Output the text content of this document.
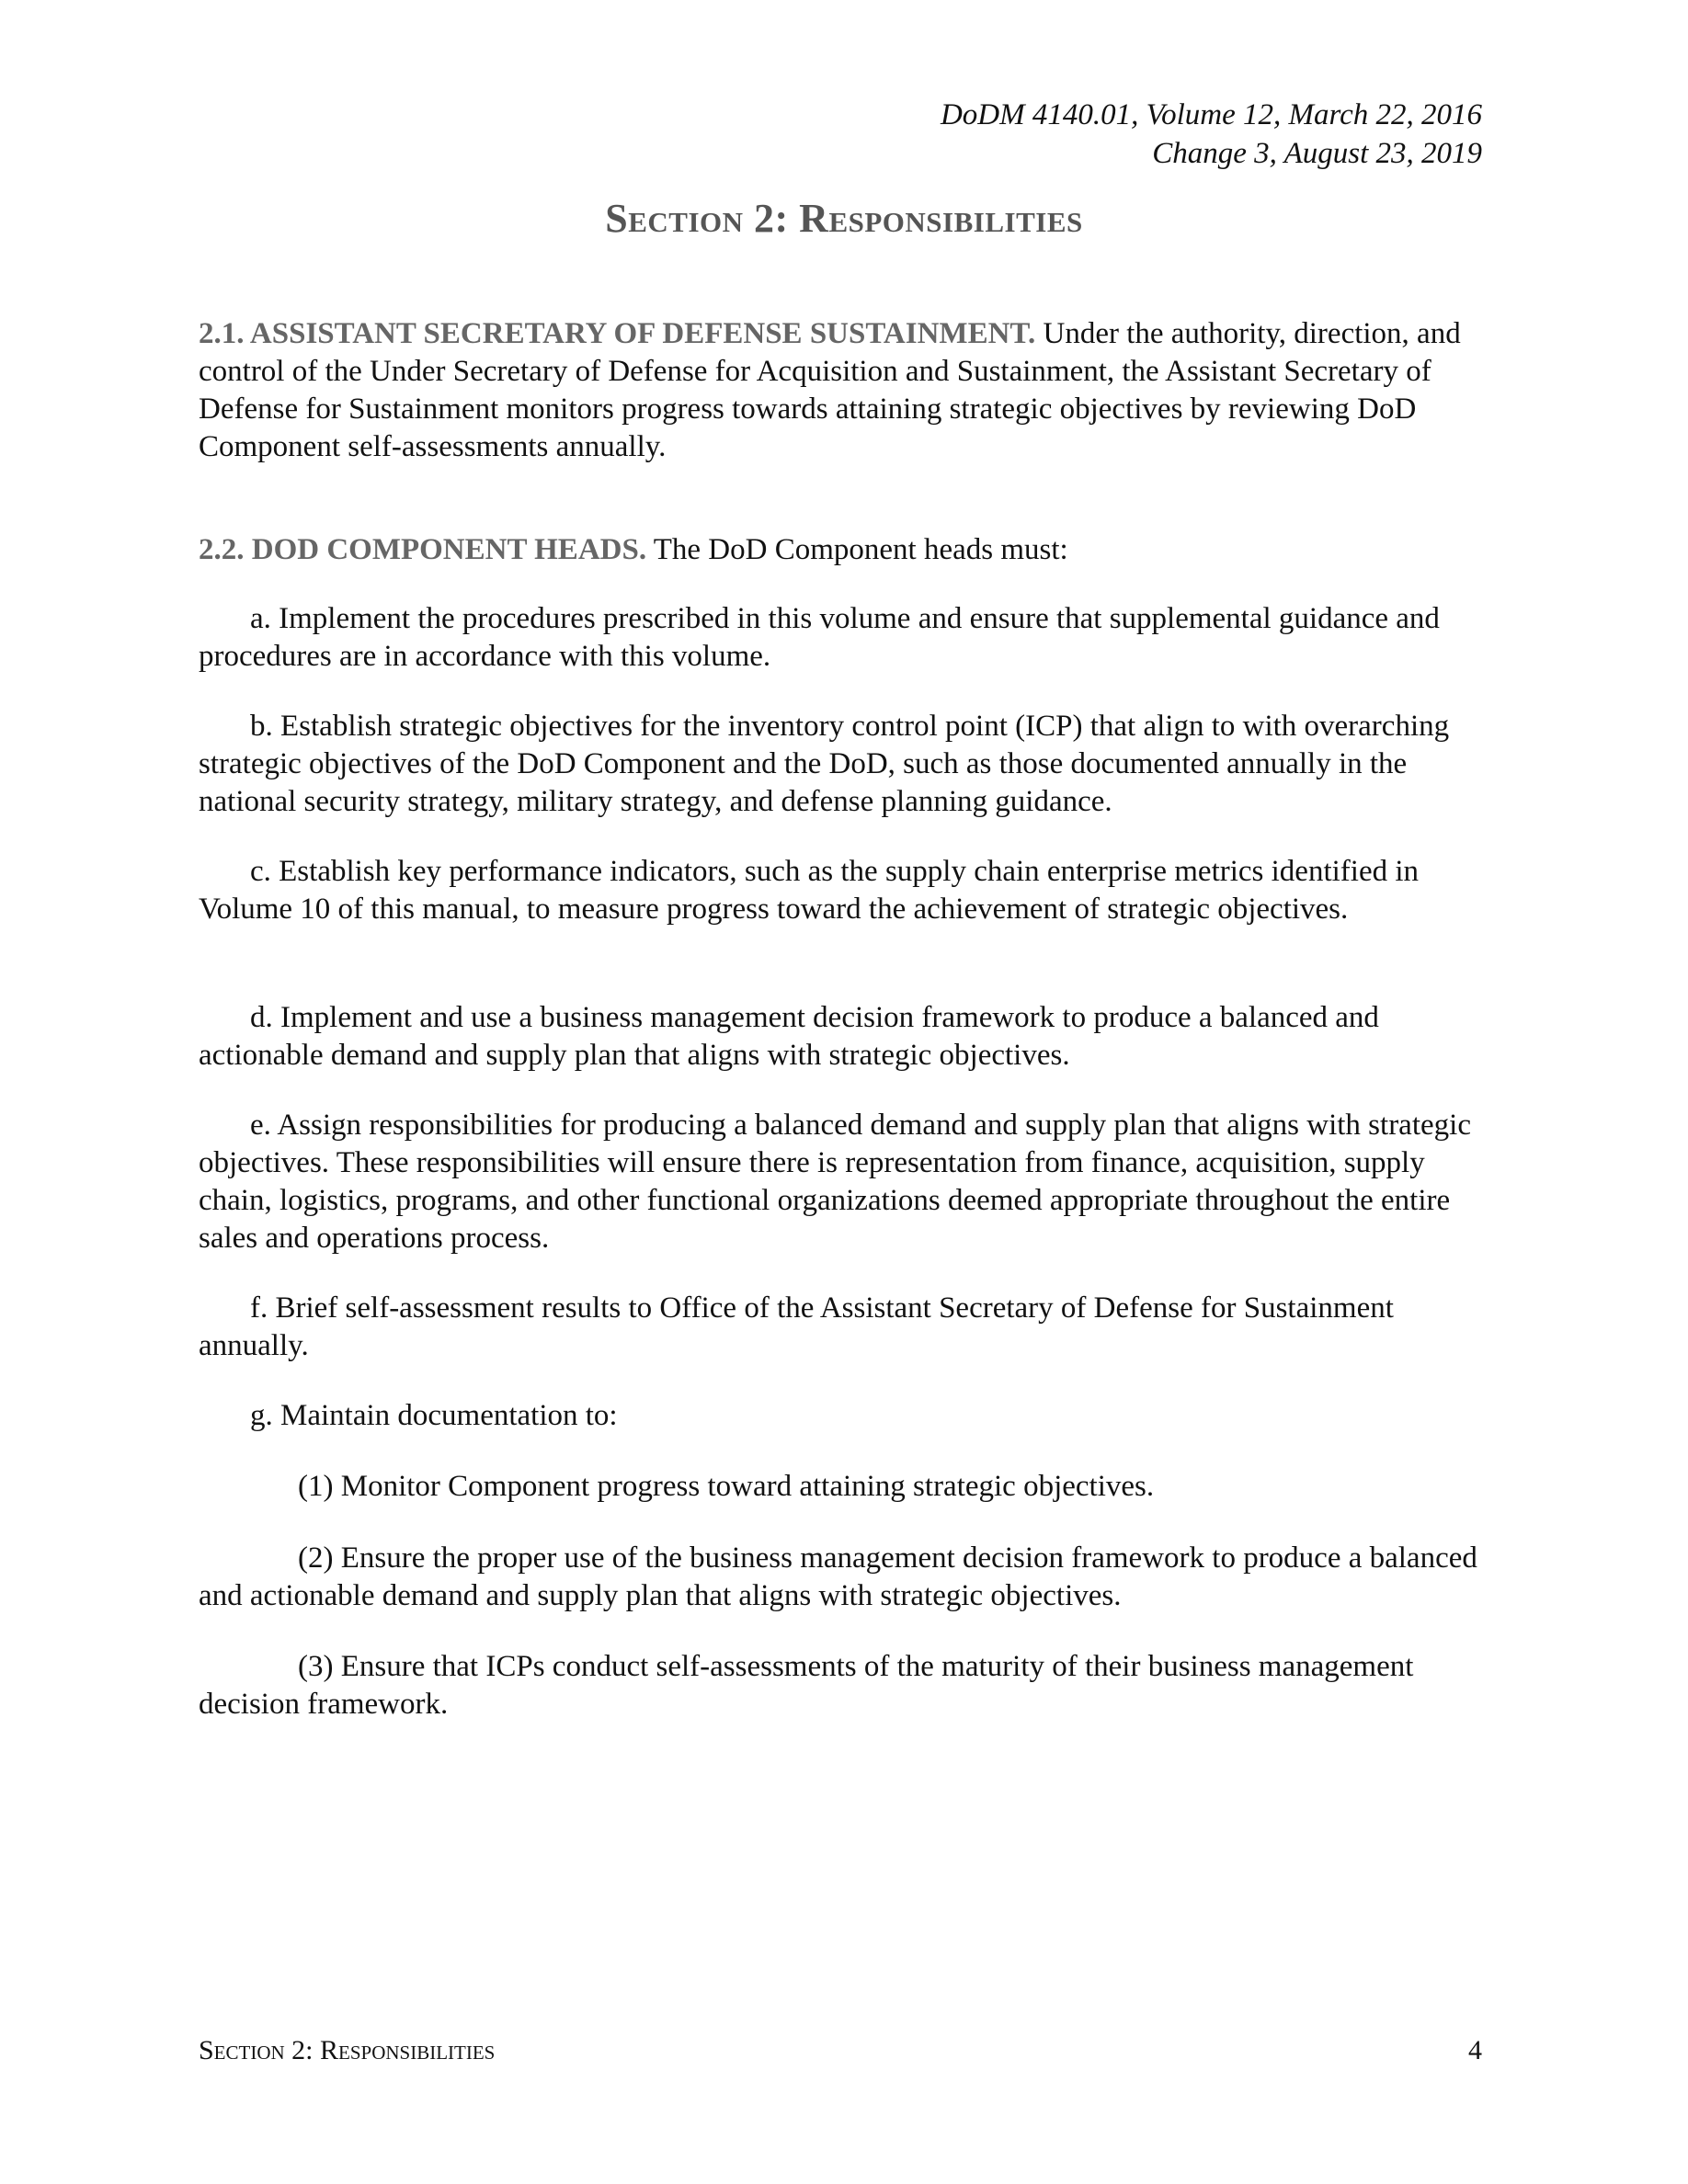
DoDM 4140.01, Volume 12, March 22, 2016
Change 3, August 23, 2019
Section 2: Responsibilities

2.1. ASSISTANT SECRETARY OF DEFENSE SUSTAINMENT. Under the authority, direction, and control of the Under Secretary of Defense for Acquisition and Sustainment, the Assistant Secretary of Defense for Sustainment monitors progress towards attaining strategic objectives by reviewing DoD Component self-assessments annually.

2.2. DOD COMPONENT HEADS. The DoD Component heads must:

a. Implement the procedures prescribed in this volume and ensure that supplemental guidance and procedures are in accordance with this volume.

b. Establish strategic objectives for the inventory control point (ICP) that align to with overarching strategic objectives of the DoD Component and the DoD, such as those documented annually in the national security strategy, military strategy, and defense planning guidance.

c. Establish key performance indicators, such as the supply chain enterprise metrics identified in Volume 10 of this manual, to measure progress toward the achievement of strategic objectives.

d. Implement and use a business management decision framework to produce a balanced and actionable demand and supply plan that aligns with strategic objectives.

e. Assign responsibilities for producing a balanced demand and supply plan that aligns with strategic objectives. These responsibilities will ensure there is representation from finance, acquisition, supply chain, logistics, programs, and other functional organizations deemed appropriate throughout the entire sales and operations process.

f. Brief self-assessment results to Office of the Assistant Secretary of Defense for Sustainment annually.

g. Maintain documentation to:

(1) Monitor Component progress toward attaining strategic objectives.

(2) Ensure the proper use of the business management decision framework to produce a balanced and actionable demand and supply plan that aligns with strategic objectives.

(3) Ensure that ICPs conduct self-assessments of the maturity of their business management decision framework.

Section 2: Responsibilities	4
